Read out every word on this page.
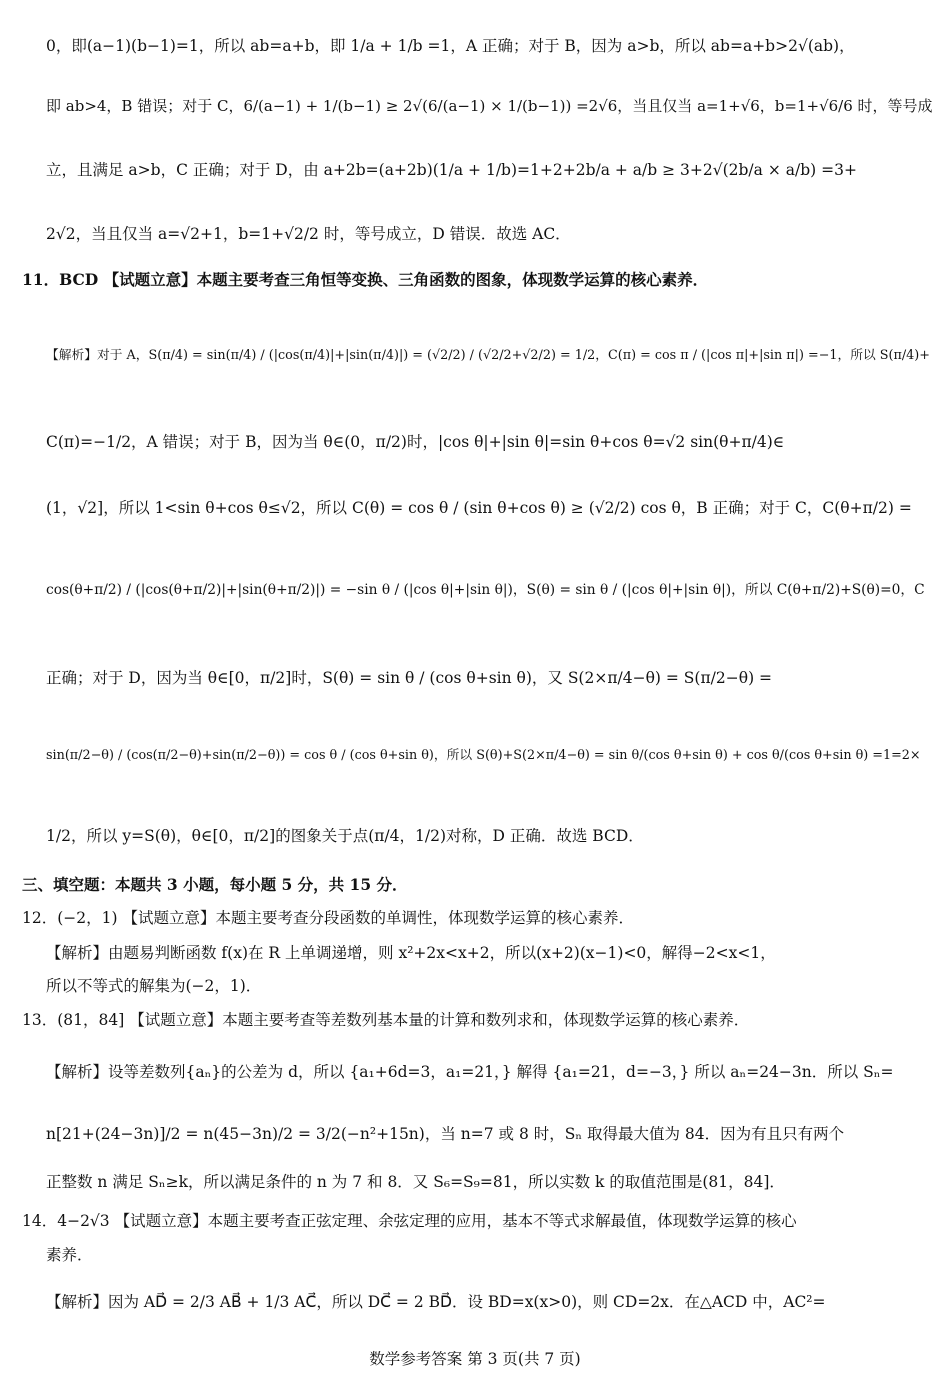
0，即(a−1)(b−1)=1，所以 ab=a+b，即 1/a + 1/b =1，A 正确；对于 B，因为 a>b，所以 ab=a+b>2√(ab)，
即 ab>4，B 错误；对于 C，6/(a−1) + 1/(b−1) ≥ 2√(6/(a−1) × 1/(b−1)) =2√6，当且仅当 a=1+√6，b=1+√6/6 时，等号成
立，且满足 a>b，C 正确；对于 D，由 a+2b=(a+2b)(1/a + 1/b)=1+2+2b/a + a/b ≥ 3+2√(2b/a × a/b) =3+
2√2，当且仅当 a=√2+1，b=1+√2/2 时，等号成立，D 错误．故选 AC．
11．BCD 【试题立意】本题主要考查三角恒等变换、三角函数的图象，体现数学运算的核心素养．
【解析】对于 A，S(π/4) = sin(π/4) / (|cos(π/4)|+|sin(π/4)|) = (√2/2) / (√2/2+√2/2) = 1/2，C(π) = cos π / (|cos π|+|sin π|) =−1，所以 S(π/4)+
C(π)=−1/2，A 错误；对于 B，因为当 θ∈(0，π/2)时，|cos θ|+|sin θ|=sin θ+cos θ=√2 sin(θ+π/4)∈
(1，√2]，所以 1<sin θ+cos θ≤√2，所以 C(θ) = cos θ / (sin θ+cos θ) ≥ (√2/2) cos θ，B 正确；对于 C，C(θ+π/2) =
cos(θ+π/2) / (|cos(θ+π/2)|+|sin(θ+π/2)|) = −sin θ / (|cos θ|+|sin θ|)，S(θ) = sin θ / (|cos θ|+|sin θ|)，所以 C(θ+π/2)+S(θ)=0，C
正确；对于 D，因为当 θ∈[0，π/2]时，S(θ) = sin θ / (cos θ+sin θ)，又 S(2×π/4−θ) = S(π/2−θ) =
sin(π/2−θ) / (cos(π/2−θ)+sin(π/2−θ)) = cos θ / (cos θ+sin θ)，所以 S(θ)+S(2×π/4−θ) = sin θ/(cos θ+sin θ) + cos θ/(cos θ+sin θ) =1=2×
1/2，所以 y=S(θ)，θ∈[0，π/2]的图象关于点(π/4，1/2)对称，D 正确．故选 BCD．
三、填空题：本题共 3 小题，每小题 5 分，共 15 分．
12．(−2，1) 【试题立意】本题主要考查分段函数的单调性，体现数学运算的核心素养．
【解析】由题易判断函数 f(x)在 R 上单调递增，则 x²+2x<x+2，所以(x+2)(x−1)<0，解得−2<x<1，
所以不等式的解集为(−2，1)．
13．(81，84] 【试题立意】本题主要考查等差数列基本量的计算和数列求和，体现数学运算的核心素养．
【解析】设等差数列{aₙ}的公差为 d，所以 {a₁+6d=3，a₁=21，} 解得 {a₁=21，d=−3，} 所以 aₙ=24−3n．所以 Sₙ=
n[21+(24−3n)]/2 = n(45−3n)/2 = 3/2(−n²+15n)，当 n=7 或 8 时，Sₙ 取得最大值为 84．因为有且只有两个
正整数 n 满足 Sₙ≥k，所以满足条件的 n 为 7 和 8．又 S₆=S₉=81，所以实数 k 的取值范围是(81，84]．
14．4−2√3 【试题立意】本题主要考查正弦定理、余弦定理的应用，基本不等式求解最值，体现数学运算的核心
素养．
【解析】因为 AD⃗ = 2/3 AB⃗ + 1/3 AC⃗，所以 DC⃗ = 2 BD⃗．设 BD=x(x>0)，则 CD=2x．在△ACD 中，AC²=
数学参考答案 第 3 页(共 7 页)
